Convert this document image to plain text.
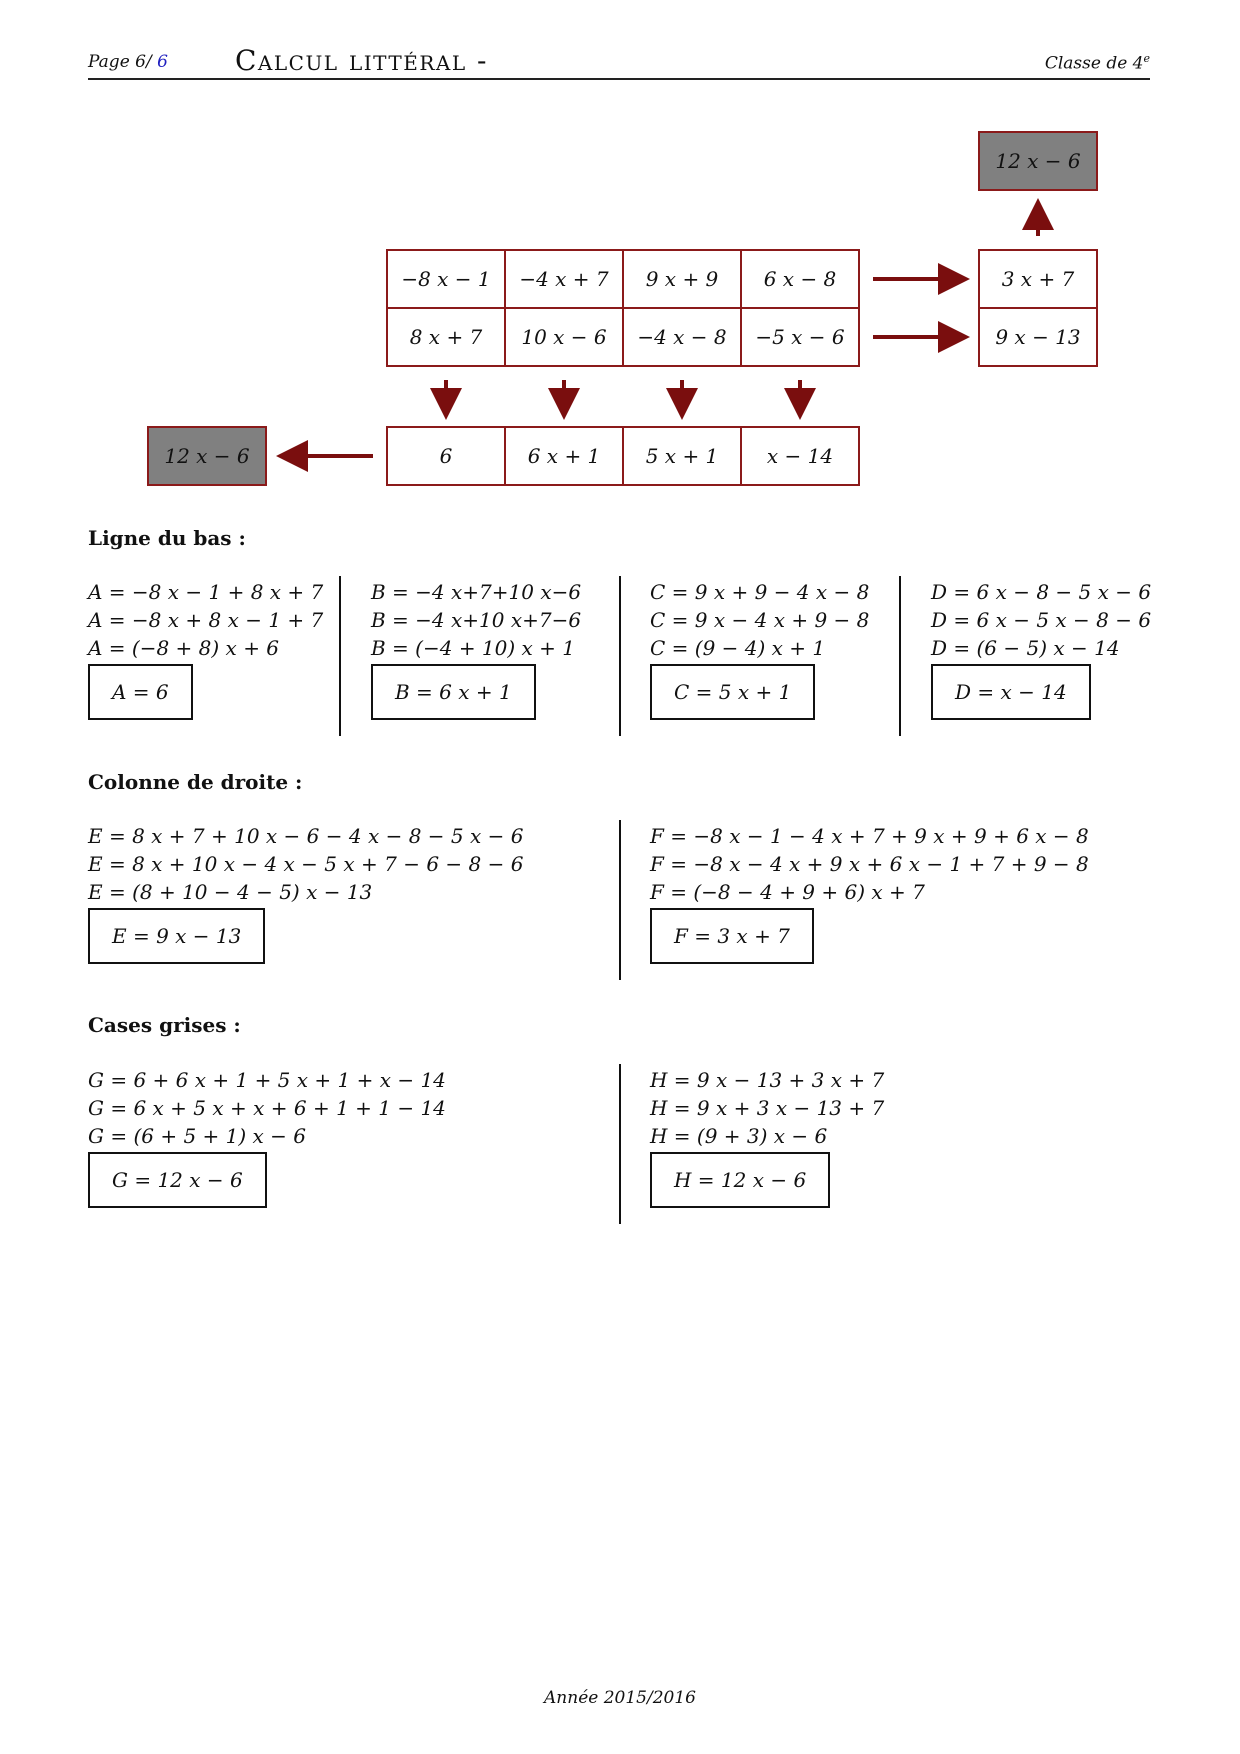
Page 6/ 6 Calcul littéral -	Classe de 4e
12 x − 6
−8 x − 1	−4 x + 7	9 x + 9	6 x − 8	3 x + 7
8 x + 7	10 x − 6	−4 x − 8	−5 x − 6	9 x − 13
6	6 x + 1	5 x + 1	x − 14
12 x − 6
Ligne du bas :
A = −8 x − 1 + 8 x + 7
A = −8 x + 8 x − 1 + 7
A = (−8 + 8) x + 6
A = 6
B = −4 x+7+10 x−6
B = −4 x+10 x+7−6
B = (−4 + 10) x + 1
B = 6 x + 1
C = 9 x + 9 − 4 x − 8
C = 9 x − 4 x + 9 − 8
C = (9 − 4) x + 1
C = 5 x + 1
D = 6 x − 8 − 5 x − 6
D = 6 x − 5 x − 8 − 6
D = (6 − 5) x − 14
D = x − 14
Colonne de droite :
E = 8 x + 7 + 10 x − 6 − 4 x − 8 − 5 x − 6
E = 8 x + 10 x − 4 x − 5 x + 7 − 6 − 8 − 6
E = (8 + 10 − 4 − 5) x − 13
E = 9 x − 13
F = −8 x − 1 − 4 x + 7 + 9 x + 9 + 6 x − 8
F = −8 x − 4 x + 9 x + 6 x − 1 + 7 + 9 − 8
F = (−8 − 4 + 9 + 6) x + 7
F = 3 x + 7
Cases grises :
G = 6 + 6 x + 1 + 5 x + 1 + x − 14
G = 6 x + 5 x + x + 6 + 1 + 1 − 14
G = (6 + 5 + 1) x − 6
G = 12 x − 6
H = 9 x − 13 + 3 x + 7
H = 9 x + 3 x − 13 + 7
H = (9 + 3) x − 6
H = 12 x − 6
Année 2015/2016
